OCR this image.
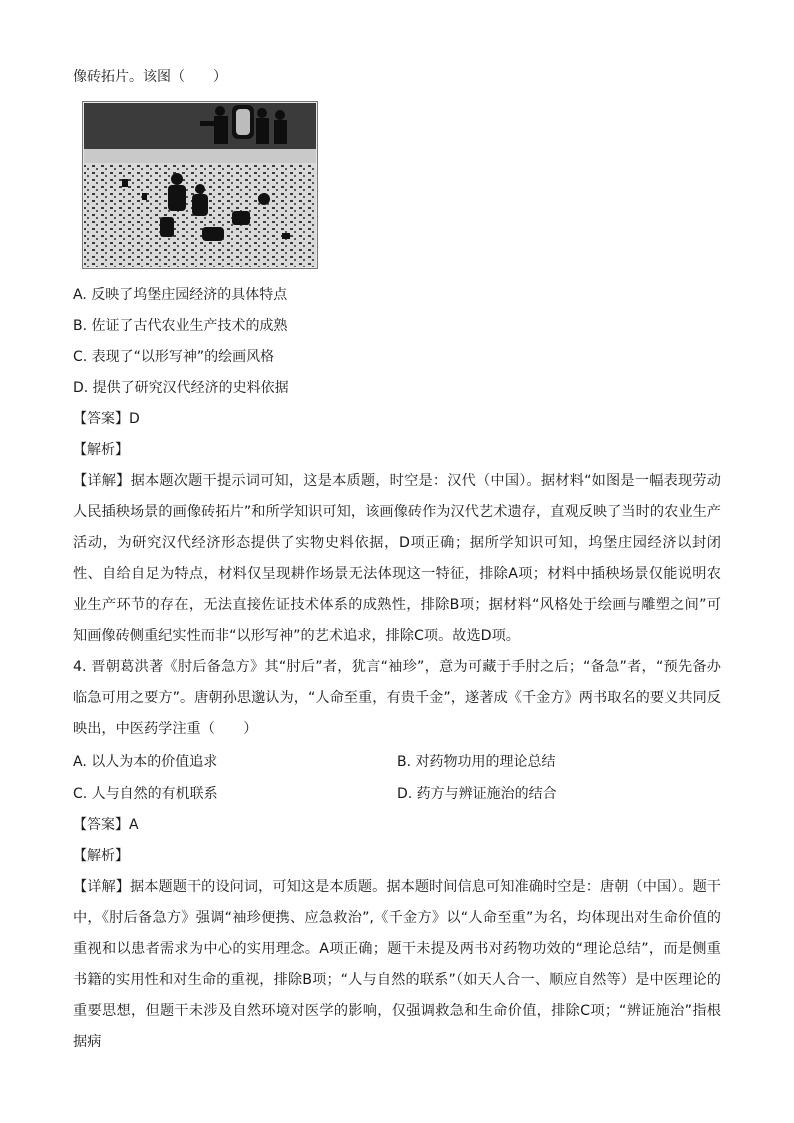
像砖拓片。该图（　　）
A. 反映了坞堡庄园经济的具体特点
B. 佐证了古代农业生产技术的成熟
C. 表现了“以形写神”的绘画风格
D. 提供了研究汉代经济的史料依据
【答案】D
【解析】
【详解】据本题次题干提示词可知，这是本质题，时空是：汉代（中国）。据材料“如图是一幅表现劳动人民插秧场景的画像砖拓片”和所学知识可知，该画像砖作为汉代艺术遗存，直观反映了当时的农业生产活动，为研究汉代经济形态提供了实物史料依据，D项正确；据所学知识可知，坞堡庄园经济以封闭性、自给自足为特点，材料仅呈现耕作场景无法体现这一特征，排除A项；材料中插秧场景仅能说明农业生产环节的存在，无法直接佐证技术体系的成熟性，排除B项；据材料“风格处于绘画与雕塑之间”可知画像砖侧重纪实性而非“以形写神”的艺术追求，排除C项。故选D项。
4. 晋朝葛洪著《肘后备急方》其“肘后”者，犹言“袖珍”，意为可藏于手肘之后；“备急”者，“预先备办临急可用之要方”。唐朝孙思邈认为，“人命至重，有贵千金”，遂著成《千金方》两书取名的要义共同反映出，中医药学注重（　　）
A. 以人为本的价值追求	B. 对药物功用的理论总结
C. 人与自然的有机联系	D. 药方与辨证施治的结合
【答案】A
【解析】
【详解】据本题题干的设问词，可知这是本质题。据本题时间信息可知准确时空是：唐朝（中国）。题干中，《肘后备急方》强调“袖珍便携、应急救治”,《千金方》以“人命至重”为名，均体现出对生命价值的重视和以患者需求为中心的实用理念。A项正确；题干未提及两书对药物功效的“理论总结”，而是侧重书籍的实用性和对生命的重视，排除B项；“人与自然的联系”（如天人合一、顺应自然等）是中医理论的重要思想，但题干未涉及自然环境对医学的影响，仅强调救急和生命价值，排除C项；“辨证施治”指根据病
